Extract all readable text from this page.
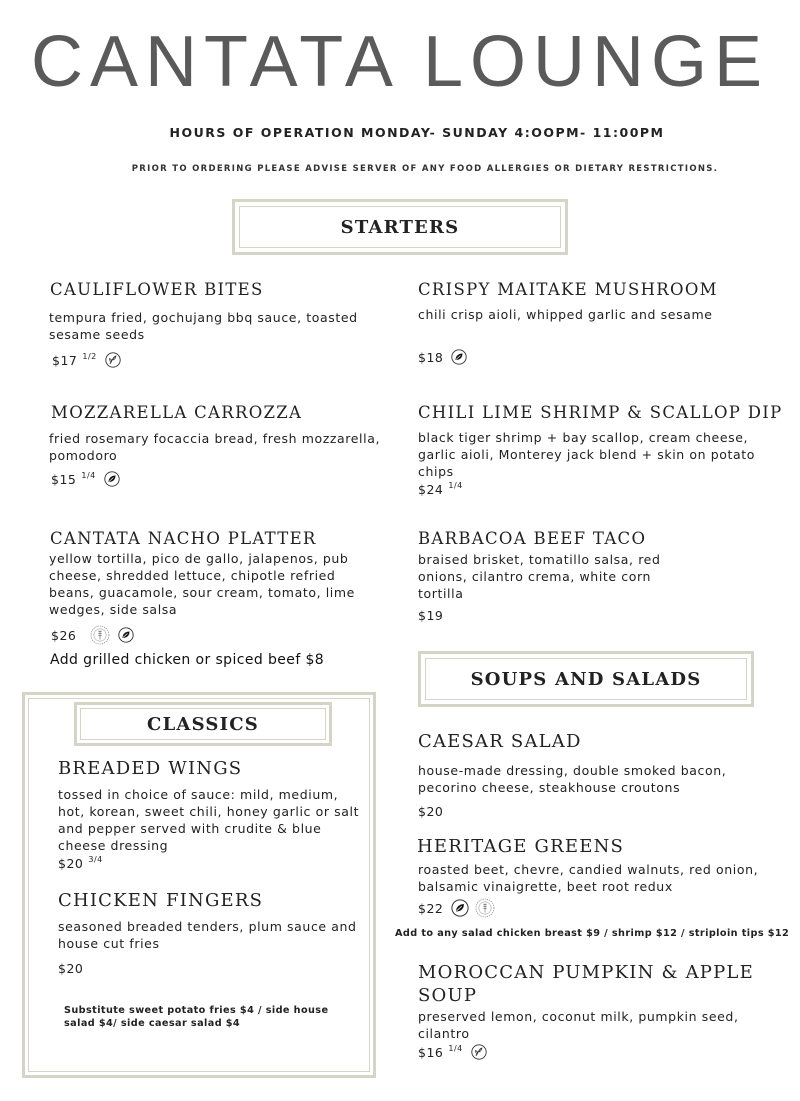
CANTATA LOUNGE
HOURS OF OPERATION MONDAY- SUNDAY 4:OOPM- 11:00PM
PRIOR TO ORDERING PLEASE ADVISE SERVER OF ANY FOOD ALLERGIES OR DIETARY RESTRICTIONS.
STARTERS
CAULIFLOWER BITES
tempura fried, gochujang bbq sauce, toasted sesame seeds
$17 1/2
CRISPY MAITAKE MUSHROOM
chili crisp aioli, whipped garlic and sesame
$18
MOZZARELLA CARROZZA
fried rosemary focaccia bread, fresh mozzarella, pomodoro
$15 1/4
CHILI LIME SHRIMP & SCALLOP DIP
black tiger shrimp + bay scallop, cream cheese, garlic aioli, Monterey jack blend + skin on potato chips
$24 1/4
CANTATA NACHO PLATTER
yellow tortilla, pico de gallo, jalapenos, pub cheese, shredded lettuce, chipotle refried beans, guacamole, sour cream, tomato, lime wedges, side salsa
$26
Add grilled chicken or spiced beef $8
BARBACOA BEEF TACO
braised brisket, tomatillo salsa, red onions, cilantro crema, white corn tortilla
$19
CLASSICS
BREADED WINGS
tossed in choice of sauce: mild, medium, hot, korean, sweet chili, honey garlic or salt and pepper served with crudite & blue cheese dressing
$20 3/4
CHICKEN FINGERS
seasoned breaded tenders, plum sauce and house cut fries
$20
Substitute sweet potato fries $4 / side house salad $4/ side caesar salad $4
SOUPS AND SALADS
CAESAR SALAD
house-made dressing, double smoked bacon, pecorino cheese, steakhouse croutons
$20
HERITAGE GREENS
roasted beet, chevre, candied walnuts, red onion, balsamic vinaigrette, beet root redux
$22
Add to any salad chicken breast $9 / shrimp $12 / striploin tips $12
MOROCCAN PUMPKIN & APPLE SOUP
preserved lemon, coconut milk, pumpkin seed, cilantro
$16 1/4
